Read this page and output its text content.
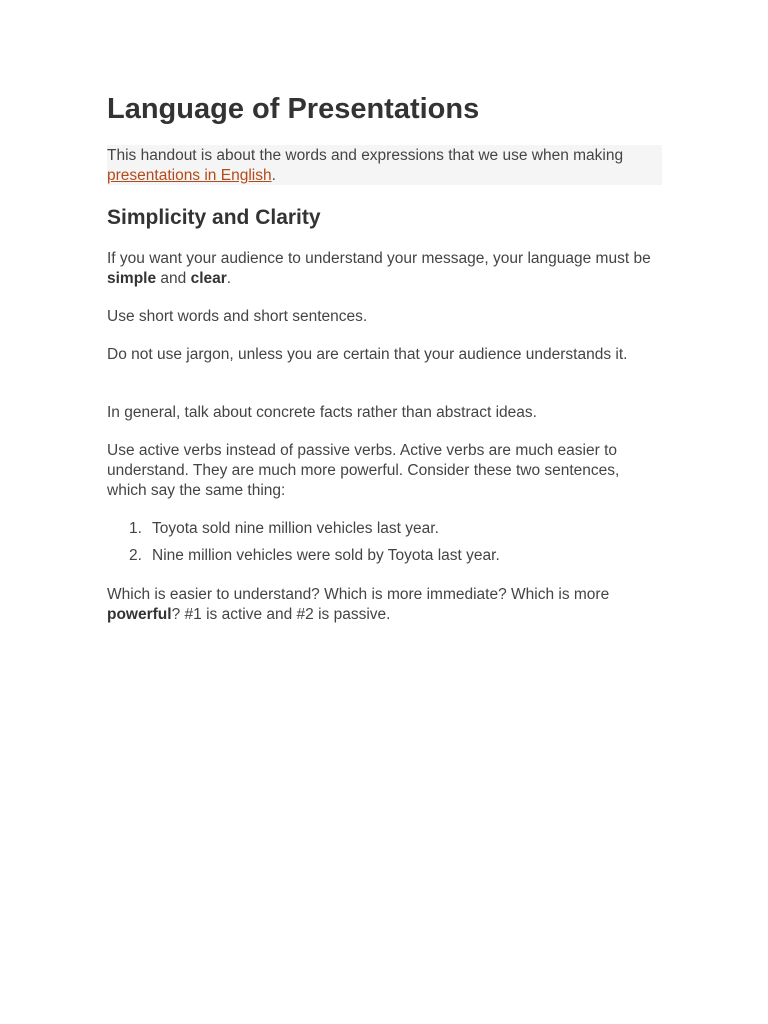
Language of Presentations
This handout is about the words and expressions that we use when making presentations in English.
Simplicity and Clarity

If you want your audience to understand your message, your language must be simple and clear.

Use short words and short sentences.

Do not use jargon, unless you are certain that your audience understands it.

In general, talk about concrete facts rather than abstract ideas.

Use active verbs instead of passive verbs. Active verbs are much easier to understand. They are much more powerful. Consider these two sentences, which say the same thing:

1. Toyota sold nine million vehicles last year.
2. Nine million vehicles were sold by Toyota last year.

Which is easier to understand? Which is more immediate? Which is more powerful? #1 is active and #2 is passive.
